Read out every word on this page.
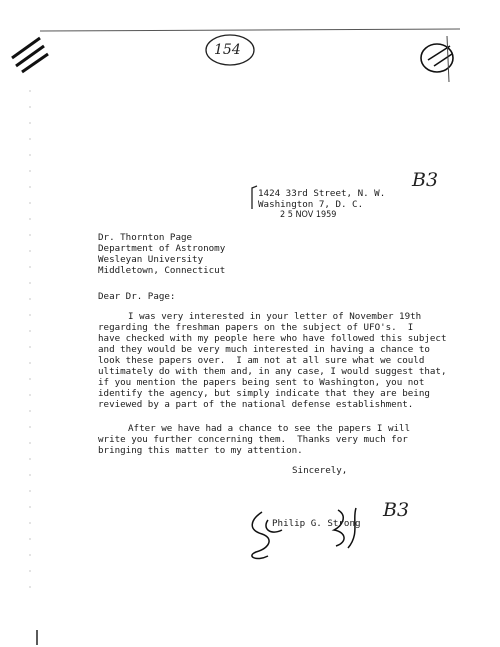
154
B3
B3
1424 33rd Street, N. W.
Washington 7, D. C.
2 5 NOV 1959
Dr. Thornton Page
Department of Astronomy
Wesleyan University
Middletown, Connecticut
Dear Dr. Page:
I was very interested in your letter of November 19th
regarding the freshman papers on the subject of UFO's.  I
have checked with my people here who have followed this subject
and they would be very much interested in having a chance to
look these papers over.  I am not at all sure what we could
ultimately do with them and, in any case, I would suggest that,
if you mention the papers being sent to Washington, you not
identify the agency, but simply indicate that they are being
reviewed by a part of the national defense establishment.
After we have had a chance to see the papers I will
write you further concerning them.  Thanks very much for
bringing this matter to my attention.
Sincerely,
Philip G. Strong
